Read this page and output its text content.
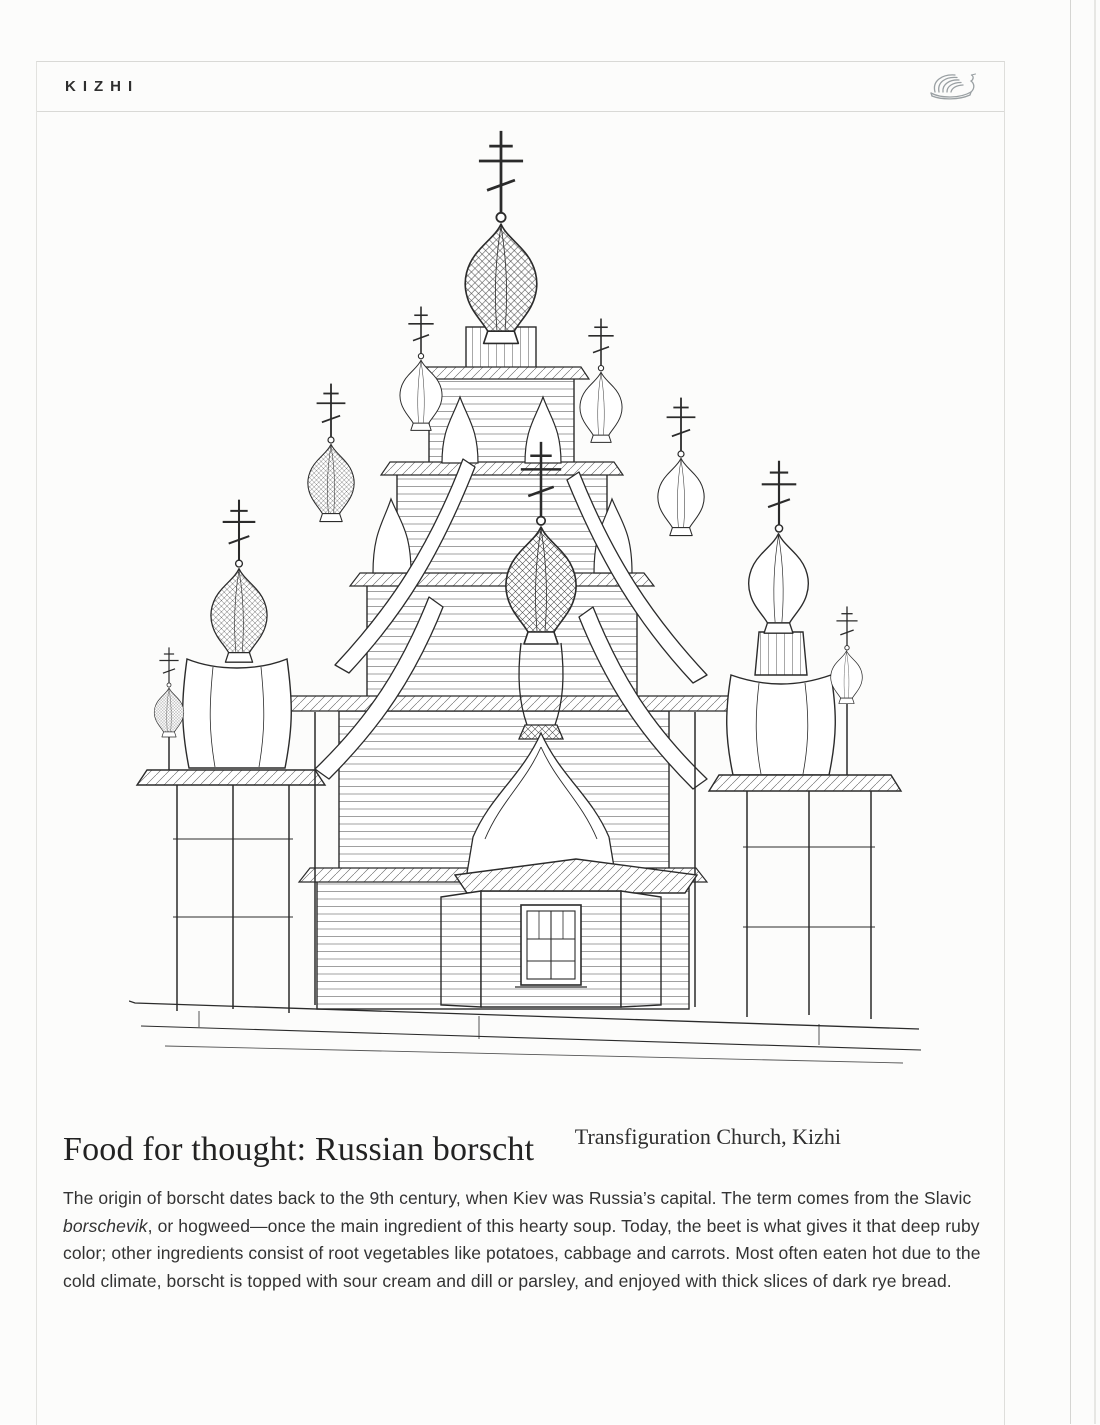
KIZHI
Transfiguration Church, Kizhi
Food for thought: Russian borscht

The origin of borscht dates back to the 9th century, when Kiev was Russia’s capital. The term comes from the Slavic borschevik, or hogweed—once the main ingredient of this hearty soup. Today, the beet is what gives it that deep ruby color; other ingredients consist of root vegetables like potatoes, cabbage and carrots. Most often eaten hot due to the cold climate, borscht is topped with sour cream and dill or parsley, and enjoyed with thick slices of dark rye bread.
